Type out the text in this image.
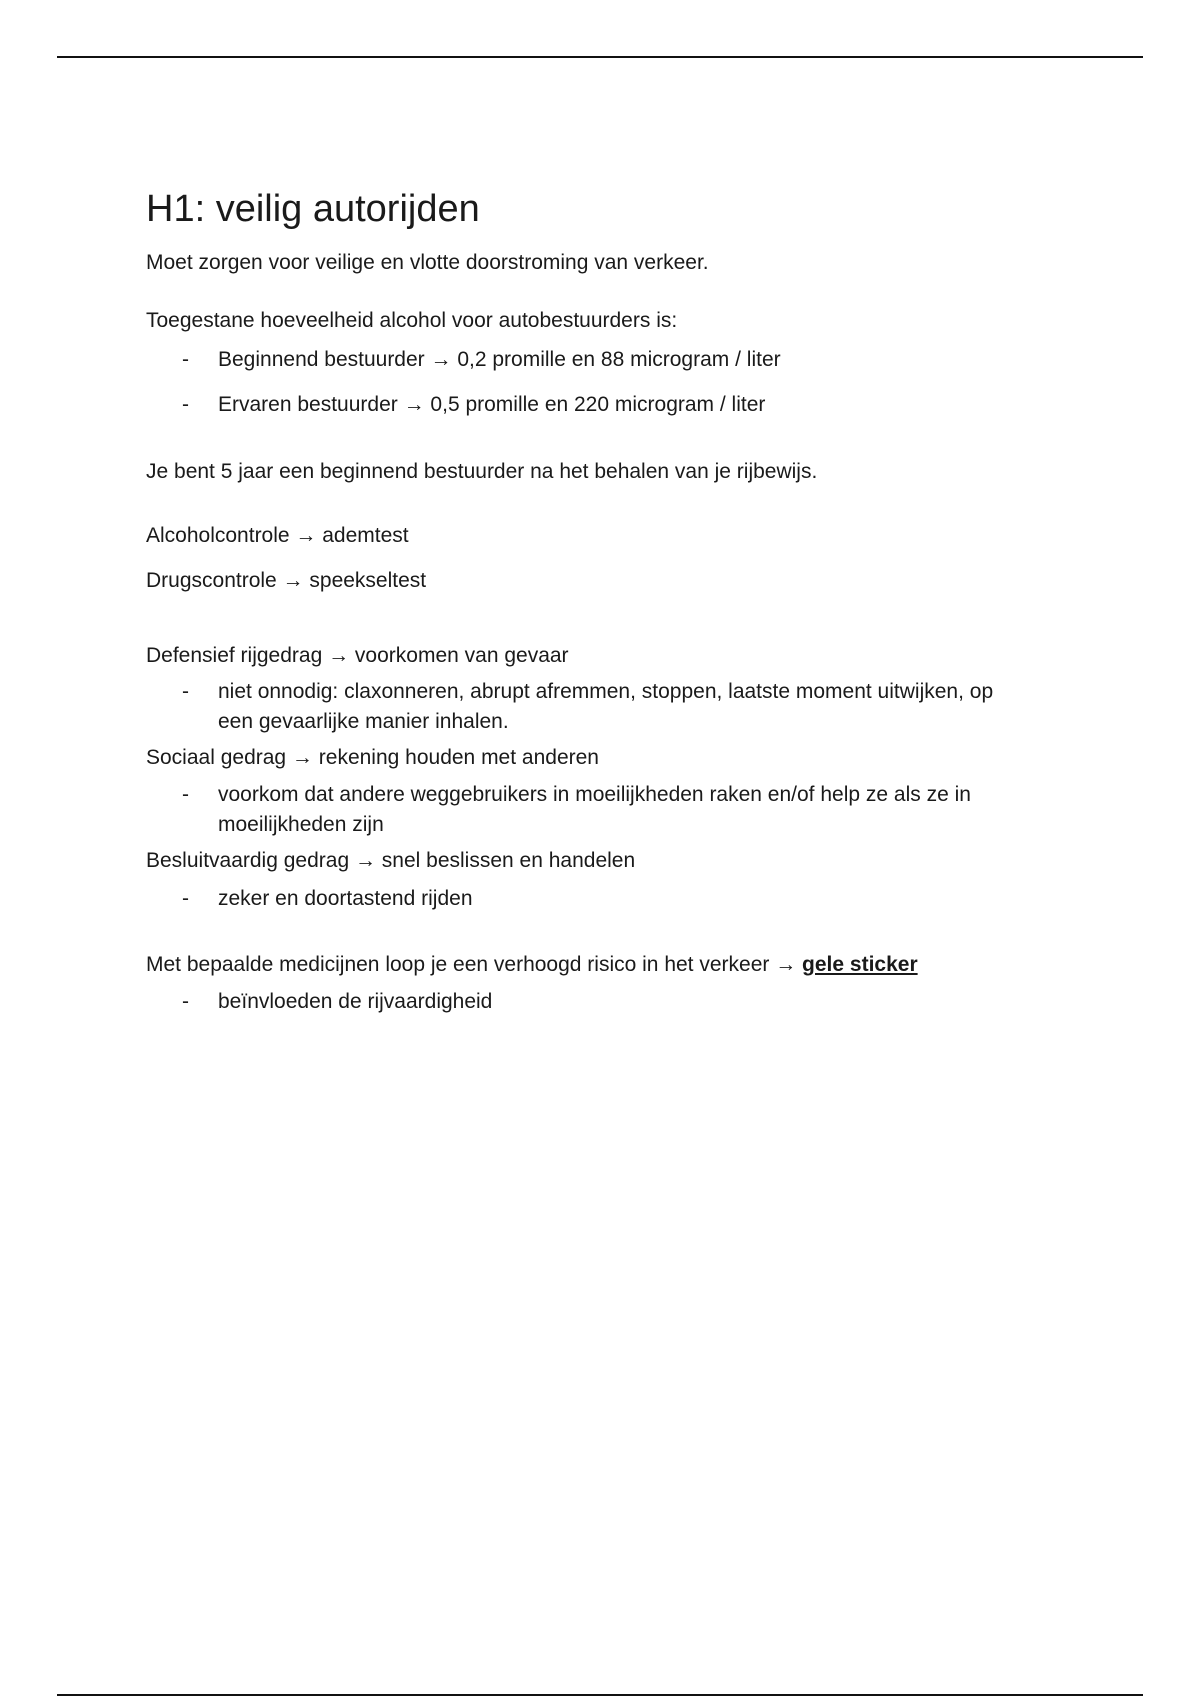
H1: veilig autorijden
Moet zorgen voor veilige en vlotte doorstroming van verkeer.
Toegestane hoeveelheid alcohol voor autobestuurders is:
-	Beginnend bestuurder → 0,2 promille en 88 microgram / liter
-	Ervaren bestuurder → 0,5 promille en 220 microgram / liter
Je bent 5 jaar een beginnend bestuurder na het behalen van je rijbewijs.
Alcoholcontrole → ademtest
Drugscontrole → speekseltest
Defensief rijgedrag → voorkomen van gevaar
-	niet onnodig: claxonneren, abrupt afremmen, stoppen, laatste moment uitwijken, op
een gevaarlijke manier inhalen.
Sociaal gedrag → rekening houden met anderen
-	voorkom dat andere weggebruikers in moeilijkheden raken en/of help ze als ze in
moeilijkheden zijn
Besluitvaardig gedrag → snel beslissen en handelen
-	zeker en doortastend rijden
Met bepaalde medicijnen loop je een verhoogd risico in het verkeer → gele sticker
-	beïnvloeden de rijvaardigheid
